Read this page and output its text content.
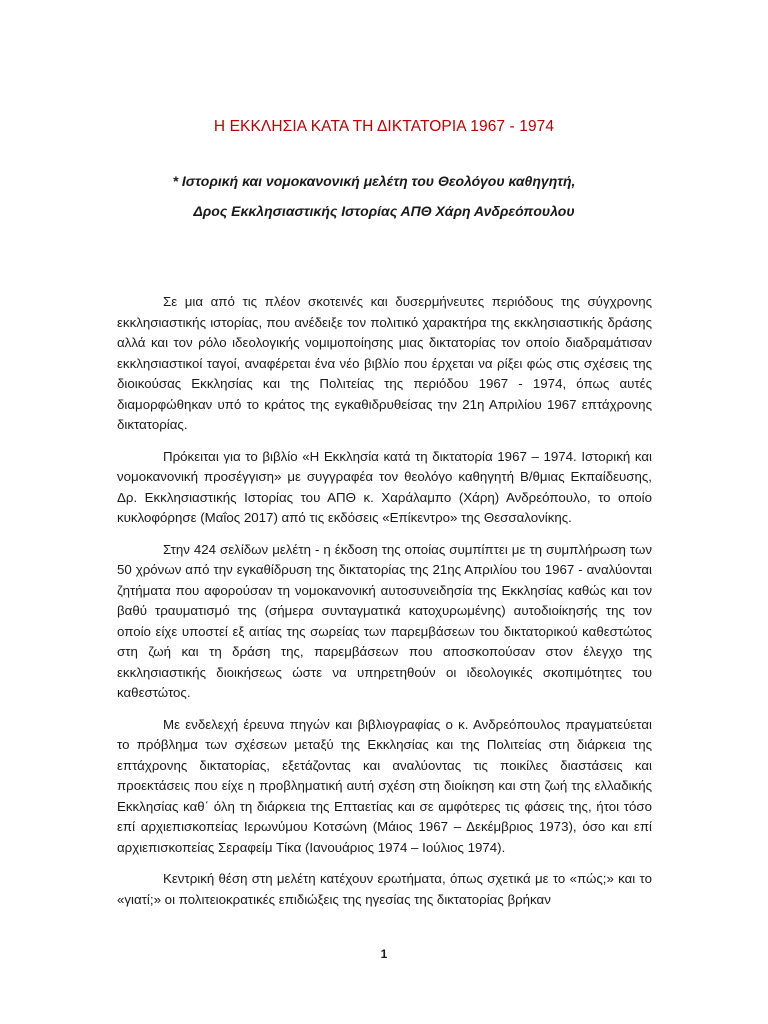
Η ΕΚΚΛΗΣΙΑ ΚΑΤΑ ΤΗ ΔΙΚΤΑΤΟΡΙΑ 1967 - 1974
* Ιστορική και νομοκανονική μελέτη του Θεολόγου καθηγητή,
Δρος Εκκλησιαστικής Ιστορίας ΑΠΘ Χάρη Ανδρεόπουλου

Σε μια από τις πλέον σκοτεινές και δυσερμήνευτες περιόδους της σύγχρονης εκκλησιαστικής ιστορίας, που ανέδειξε τον πολιτικό χαρακτήρα της εκκλησιαστικής δράσης αλλά και τον ρόλο ιδεολογικής νομιμοποίησης μιας δικτατορίας τον οποίο διαδραμάτισαν εκκλησιαστικοί ταγοί, αναφέρεται ένα νέο βιβλίο που έρχεται να ρίξει φώς στις σχέσεις της διοικούσας Εκκλησίας και της Πολιτείας της περιόδου 1967 - 1974, όπως αυτές διαμορφώθηκαν υπό το κράτος της εγκαθιδρυθείσας την 21η Απριλίου 1967 επτάχρονης δικτατορίας.

Πρόκειται για το βιβλίο «Η Εκκλησία κατά τη δικτατορία 1967 – 1974. Ιστορική και νομοκανονική προσέγγιση» με συγγραφέα τον θεολόγο καθηγητή Β/θμιας Εκπαίδευσης, Δρ. Εκκλησιαστικής Ιστορίας του ΑΠΘ κ. Χαράλαμπο (Χάρη) Ανδρεόπουλο, το οποίο κυκλοφόρησε (Μαΐος 2017) από τις εκδόσεις «Επίκεντρο» της Θεσσαλονίκης.

Στην 424 σελίδων μελέτη - η έκδοση της οποίας συμπίπτει με τη συμπλήρωση των 50 χρόνων από την εγκαθίδρυση της δικτατορίας της 21ης Απριλίου του 1967 - αναλύονται ζητήματα που αφορούσαν τη νομοκανονική αυτοσυνειδησία της Εκκλησίας καθώς και τον βαθύ τραυματισμό της (σήμερα συνταγματικά κατοχυρωμένης) αυτοδιοίκησής της τον οποίο είχε υποστεί εξ αιτίας της σωρείας των παρεμβάσεων του δικτατορικού καθεστώτος στη ζωή και τη δράση της, παρεμβάσεων που αποσκοπούσαν στον έλεγχο της εκκλησιαστικής διοικήσεως ώστε να υπηρετηθούν οι ιδεολογικές σκοπιμότητες του καθεστώτος.

Με ενδελεχή έρευνα πηγών και βιβλιογραφίας ο κ. Ανδρεόπουλος πραγματεύεται το πρόβλημα των σχέσεων μεταξύ της Εκκλησίας και της Πολιτείας στη διάρκεια της επτάχρονης δικτατορίας, εξετάζοντας και αναλύοντας τις ποικίλες διαστάσεις και προεκτάσεις που είχε η προβληματική αυτή σχέση στη διοίκηση και στη ζωή της ελλαδικής Εκκλησίας καθ΄ όλη τη διάρκεια της Επταετίας και σε αμφότερες τις φάσεις της, ήτοι τόσο επί αρχιεπισκοπείας Ιερωνύμου Κοτσώνη (Μάιος 1967 – Δεκέμβριος 1973), όσο και επί αρχιεπισκοπείας Σεραφείμ Τίκα (Ιανουάριος 1974 – Ιούλιος 1974).

Κεντρική θέση στη μελέτη κατέχουν ερωτήματα, όπως σχετικά με το «πώς;» και το «γιατί;» οι πολιτειοκρατικές επιδιώξεις της ηγεσίας της δικτατορίας βρήκαν

1
